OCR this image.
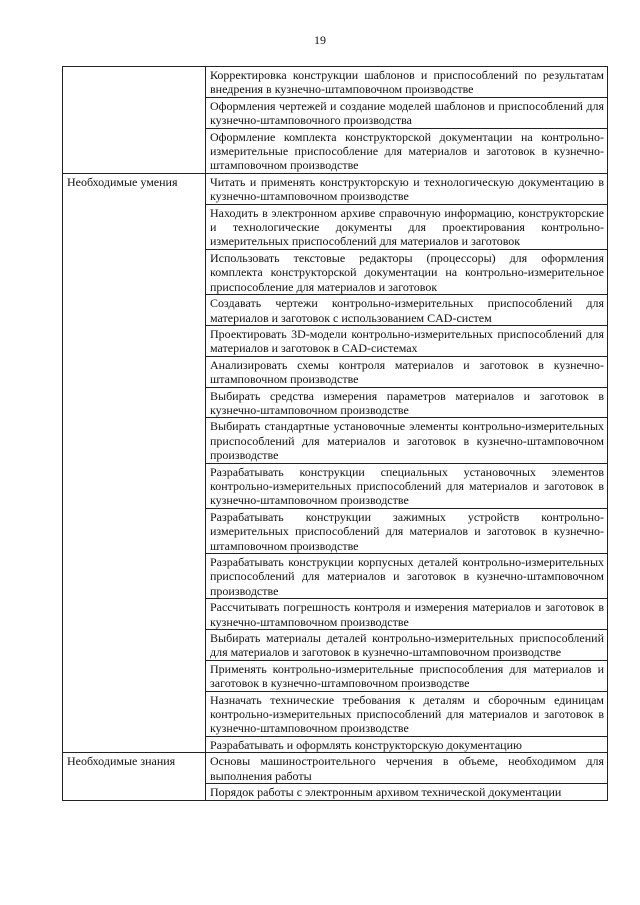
19
	Корректировка конструкции шаблонов и приспособлений по результатам внедрения в кузнечно-штамповочном производстве
	Оформления чертежей и создание моделей шаблонов и приспособлений для кузнечно-штамповочного производства
	Оформление комплекта конструкторской документации на контрольно-измерительные приспособление для материалов и заготовок в кузнечно-штамповочном производстве
Необходимые умения	Читать и применять конструкторскую и технологическую документацию в кузнечно-штамповочном производстве
	Находить в электронном архиве справочную информацию, конструкторские и технологические документы для проектирования контрольно-измерительных приспособлений для материалов и заготовок
	Использовать текстовые редакторы (процессоры) для оформления комплекта конструкторской документации на контрольно-измерительное приспособление для материалов и заготовок
	Создавать чертежи контрольно-измерительных приспособлений для материалов и заготовок с использованием CAD-систем
	Проектировать 3D-модели контрольно-измерительных приспособлений для материалов и заготовок в CAD-системах
	Анализировать схемы контроля материалов и заготовок в кузнечно-штамповочном производстве
	Выбирать средства измерения параметров материалов и заготовок в кузнечно-штамповочном производстве
	Выбирать стандартные установочные элементы контрольно-измерительных приспособлений для материалов и заготовок в кузнечно-штамповочном производстве
	Разрабатывать конструкции специальных установочных элементов контрольно-измерительных приспособлений для материалов и заготовок в кузнечно-штамповочном производстве
	Разрабатывать конструкции зажимных устройств контрольно-измерительных приспособлений для материалов и заготовок в кузнечно-штамповочном производстве
	Разрабатывать конструкции корпусных деталей контрольно-измерительных приспособлений для материалов и заготовок в кузнечно-штамповочном производстве
	Рассчитывать погрешность контроля и измерения материалов и заготовок в кузнечно-штамповочном производстве
	Выбирать материалы деталей контрольно-измерительных приспособлений для материалов и заготовок в кузнечно-штамповочном производстве
	Применять контрольно-измерительные приспособления для материалов и заготовок в кузнечно-штамповочном производстве
	Назначать технические требования к деталям и сборочным единицам контрольно-измерительных приспособлений для материалов и заготовок в кузнечно-штамповочном производстве
	Разрабатывать и оформлять конструкторскую документацию
Необходимые знания	Основы машиностроительного черчения в объеме, необходимом для выполнения работы
	Порядок работы с электронным архивом технической документации
